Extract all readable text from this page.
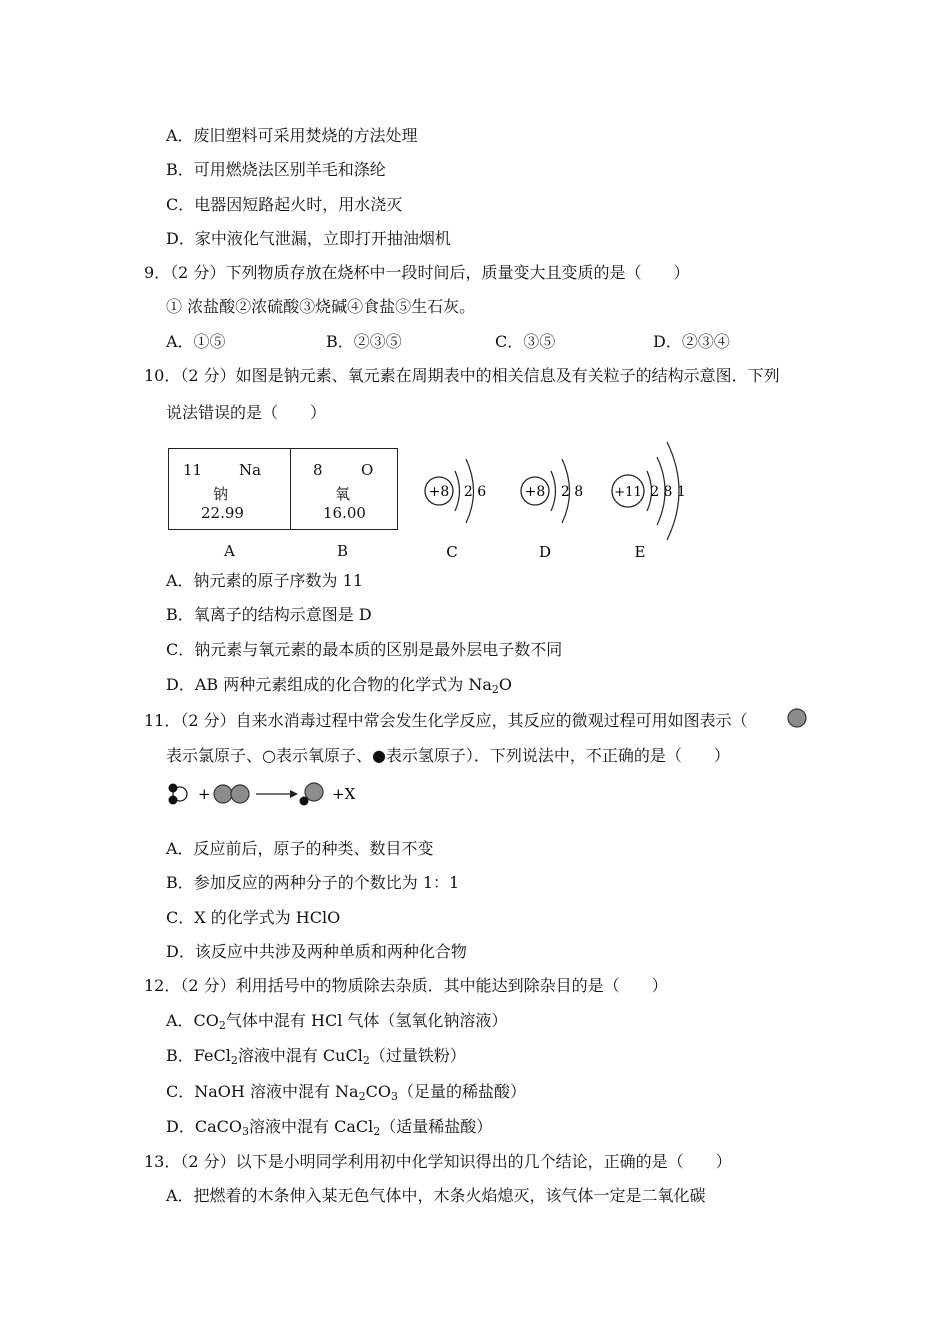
A．废旧塑料可采用焚烧的方法处理
B．可用燃烧法区别羊毛和涤纶
C．电器因短路起火时，用水浇灭
D．家中液化气泄漏，立即打开抽油烟机
9．（2 分）下列物质存放在烧杯中一段时间后，质量变大且变质的是（　　）
① 浓盐酸②浓硫酸③烧碱④食盐⑤生石灰。
A．①⑤	B．②③⑤	C．③⑤	D．②③④
10．（2 分）如图是钠元素、氧元素在周期表中的相关信息及有关粒子的结构示意图．下列
说法错误的是（　　）
11 Na
钠
22.99
A
8	O
氧
16.00
B
+8 2 6
C
+8 2 8
D
+11 2 8 1
E
A．钠元素的原子序数为 11
B．氧离子的结构示意图是 D
C．钠元素与氧元素的最本质的区别是最外层电子数不同
D．AB 两种元素组成的化合物的化学式为 $Na_2O$
11．（2 分）自来水消毒过程中常会发生化学反应，其反应的微观过程可用如图表示（
表示氯原子、○表示氧原子、●表示氢原子）．下列说法中，不正确的是（　　）
+	+X
A．反应前后，原子的种类、数目不变
B．参加反应的两种分子的个数比为 1：1
C．X 的化学式为 HClO
D．该反应中共涉及两种单质和两种化合物
12．（2 分）利用括号中的物质除去杂质．其中能达到除杂目的是（　　）
A．$CO_2$气体中混有 HCl 气体（氢氧化钠溶液）
B．FeCl$_2$溶液中混有 CuCl$_2$（过量铁粉）
C．NaOH 溶液中混有 $Na_2CO_3$（足量的稀盐酸）
D．CaCO$_3$溶液中混有 CaCl$_2$（适量稀盐酸）
13．（2 分）以下是小明同学利用初中化学知识得出的几个结论，正确的是（　　）
A．把燃着的木条伸入某无色气体中，木条火焰熄灭，该气体一定是二氧化碳
